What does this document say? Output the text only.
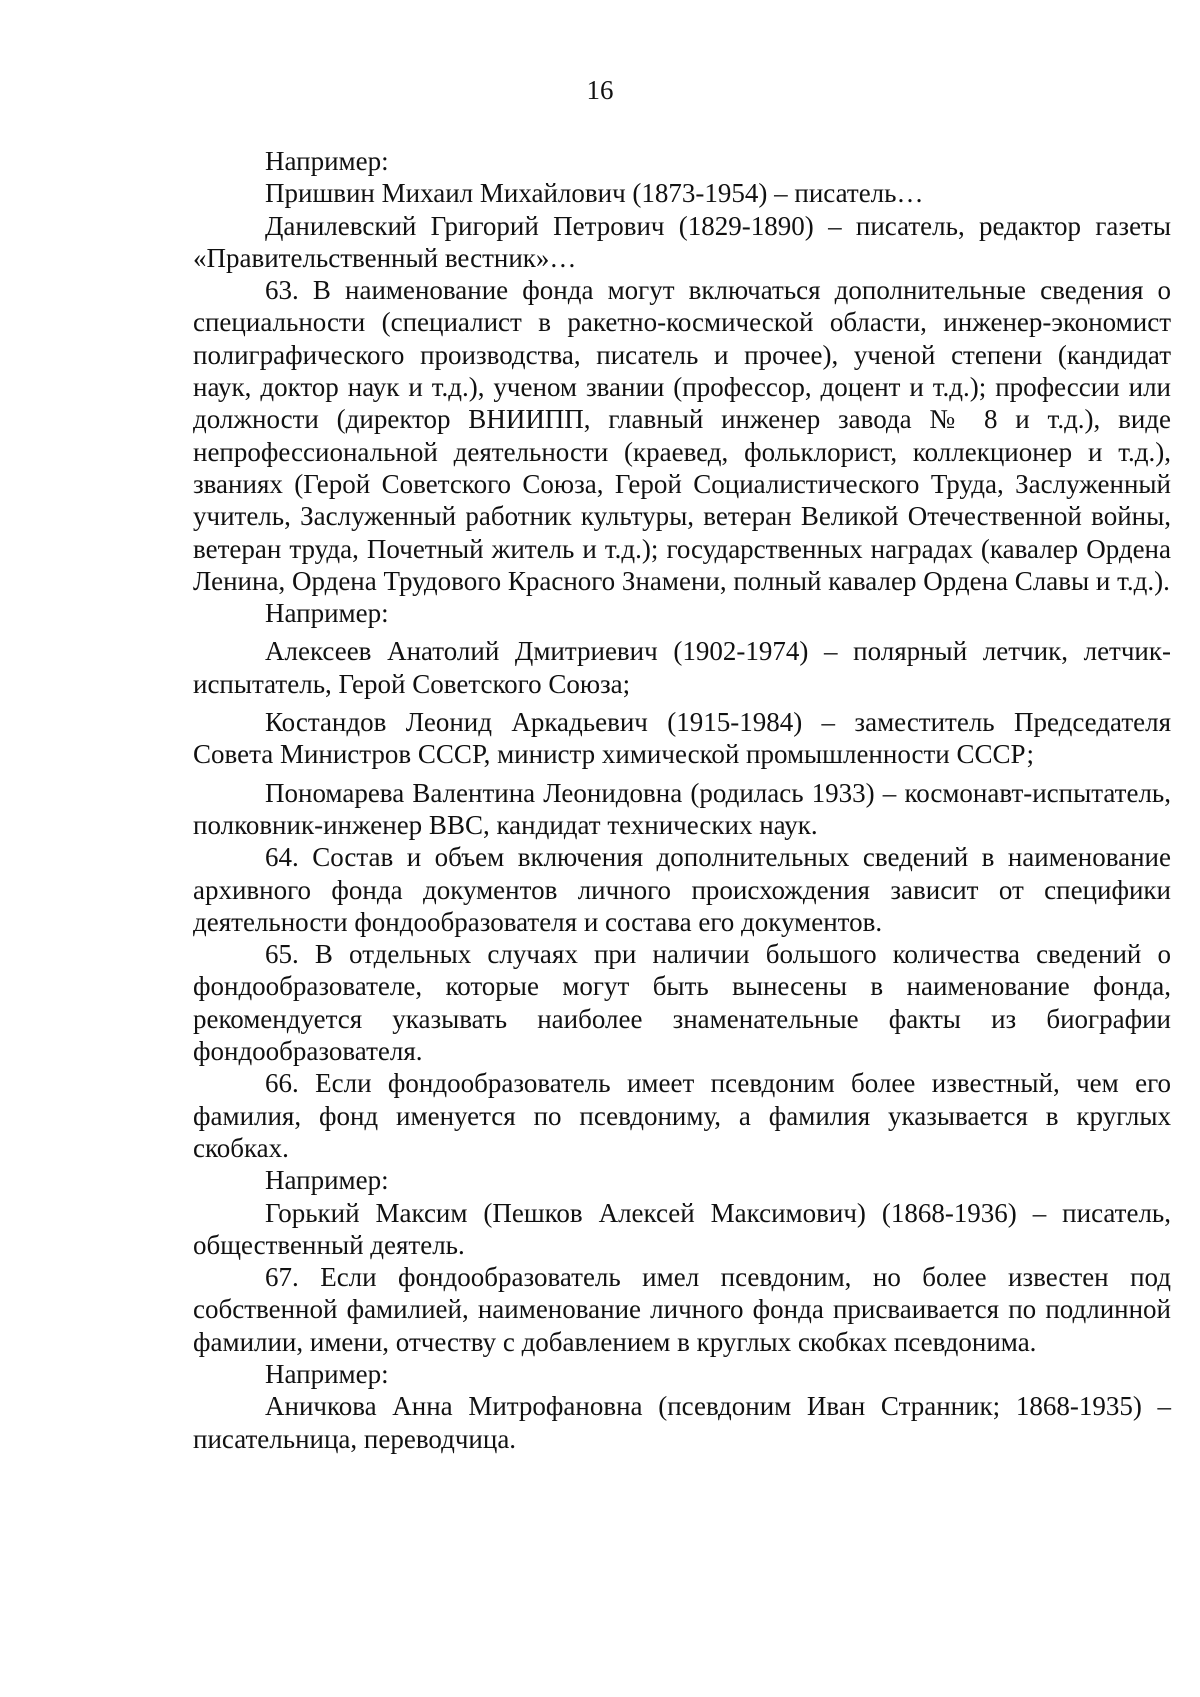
16

Например:

Пришвин Михаил Михайлович (1873-1954) – писатель…

Данилевский Григорий Петрович (1829-1890) – писатель, редактор газеты «Правительственный вестник»…

63. В наименование фонда могут включаться дополнительные сведения о специальности (специалист в ракетно-космической области, инженер-экономист полиграфического производства, писатель и прочее), ученой степени (кандидат наук, доктор наук и т.д.), ученом звании (профессор, доцент и т.д.); профессии или должности (директор ВНИИПП, главный инженер завода № 8 и т.д.), виде непрофессиональной деятельности (краевед, фольклорист, коллекционер и т.д.), званиях (Герой Советского Союза, Герой Социалистического Труда, Заслуженный учитель, Заслуженный работник культуры, ветеран Великой Отечественной войны, ветеран труда, Почетный житель и т.д.); государственных наградах (кавалер Ордена Ленина, Ордена Трудового Красного Знамени, полный кавалер Ордена Славы и т.д.).

Например:

Алексеев Анатолий Дмитриевич (1902-1974) – полярный летчик, летчик-испытатель, Герой Советского Союза;

Костандов Леонид Аркадьевич (1915-1984) – заместитель Председателя Совета Министров СССР, министр химической промышленности СССР;

Пономарева Валентина Леонидовна (родилась 1933) – космонавт-испытатель, полковник-инженер ВВС, кандидат технических наук.

64. Состав и объем включения дополнительных сведений в наименование архивного фонда документов личного происхождения зависит от специфики деятельности фондообразователя и состава его документов.

65. В отдельных случаях при наличии большого количества сведений о фондообразователе, которые могут быть вынесены в наименование фонда, рекомендуется указывать наиболее знаменательные факты из биографии фондообразователя.

66. Если фондообразователь имеет псевдоним более известный, чем его фамилия, фонд именуется по псевдониму, а фамилия указывается в круглых скобках.

Например:

Горький Максим (Пешков Алексей Максимович) (1868-1936) – писатель, общественный деятель.

67. Если фондообразователь имел псевдоним, но более известен под собственной фамилией, наименование личного фонда присваивается по подлинной фамилии, имени, отчеству с добавлением в круглых скобках псевдонима.

Например:

Аничкова Анна Митрофановна (псевдоним Иван Странник; 1868-1935) – писательница, переводчица.
